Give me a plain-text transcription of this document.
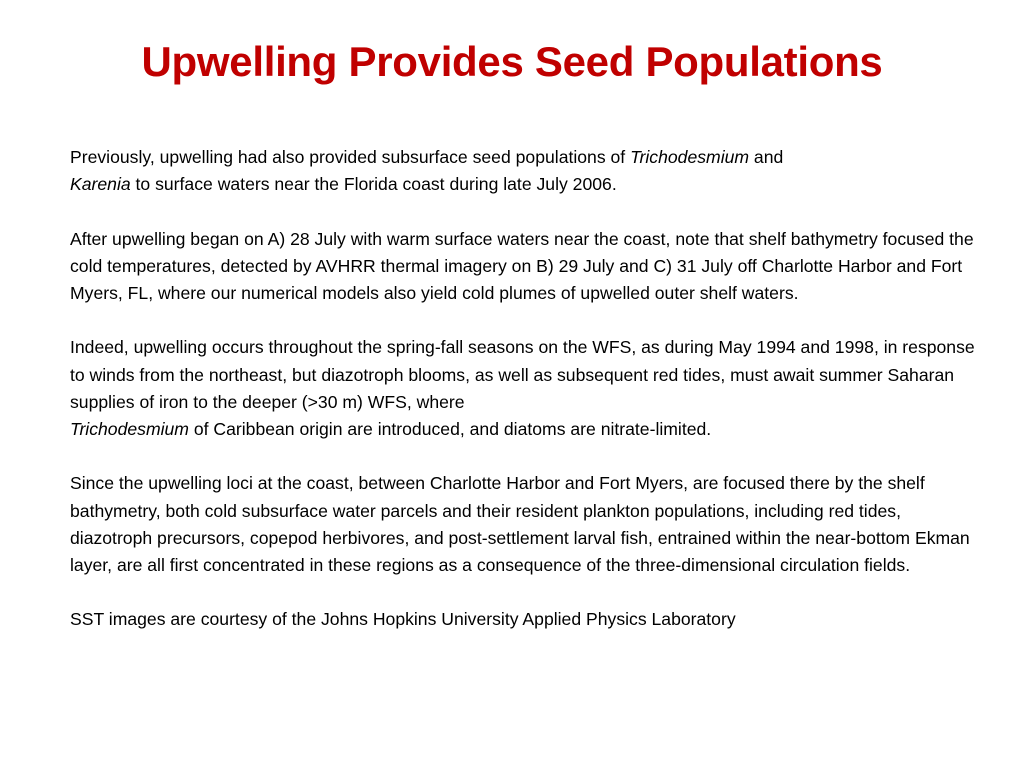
Upwelling Provides Seed Populations

Previously, upwelling had also provided subsurface seed populations of Trichodesmium and
Karenia to surface waters near the Florida coast during late July 2006.

After upwelling began on A) 28 July with warm surface waters near the coast, note that shelf bathymetry focused the cold temperatures, detected by AVHRR thermal imagery on B) 29 July and C) 31 July off Charlotte Harbor and Fort Myers, FL, where our numerical models also yield cold plumes of upwelled outer shelf waters.

Indeed, upwelling occurs throughout the spring-fall seasons on the WFS, as during May 1994 and 1998, in response to winds from the northeast, but diazotroph blooms, as well as subsequent red tides, must await summer Saharan supplies of iron to the deeper (>30 m) WFS, where
Trichodesmium of Caribbean origin are introduced, and diatoms are nitrate-limited.

Since the upwelling loci at the coast, between Charlotte Harbor and Fort Myers, are focused there by the shelf bathymetry, both cold subsurface water parcels and their resident plankton populations, including red tides, diazotroph precursors, copepod herbivores, and post-settlement larval fish, entrained within the near-bottom Ekman layer, are all first concentrated in these regions as a consequence of the three-dimensional circulation fields.

SST images are courtesy of the Johns Hopkins University Applied Physics Laboratory
